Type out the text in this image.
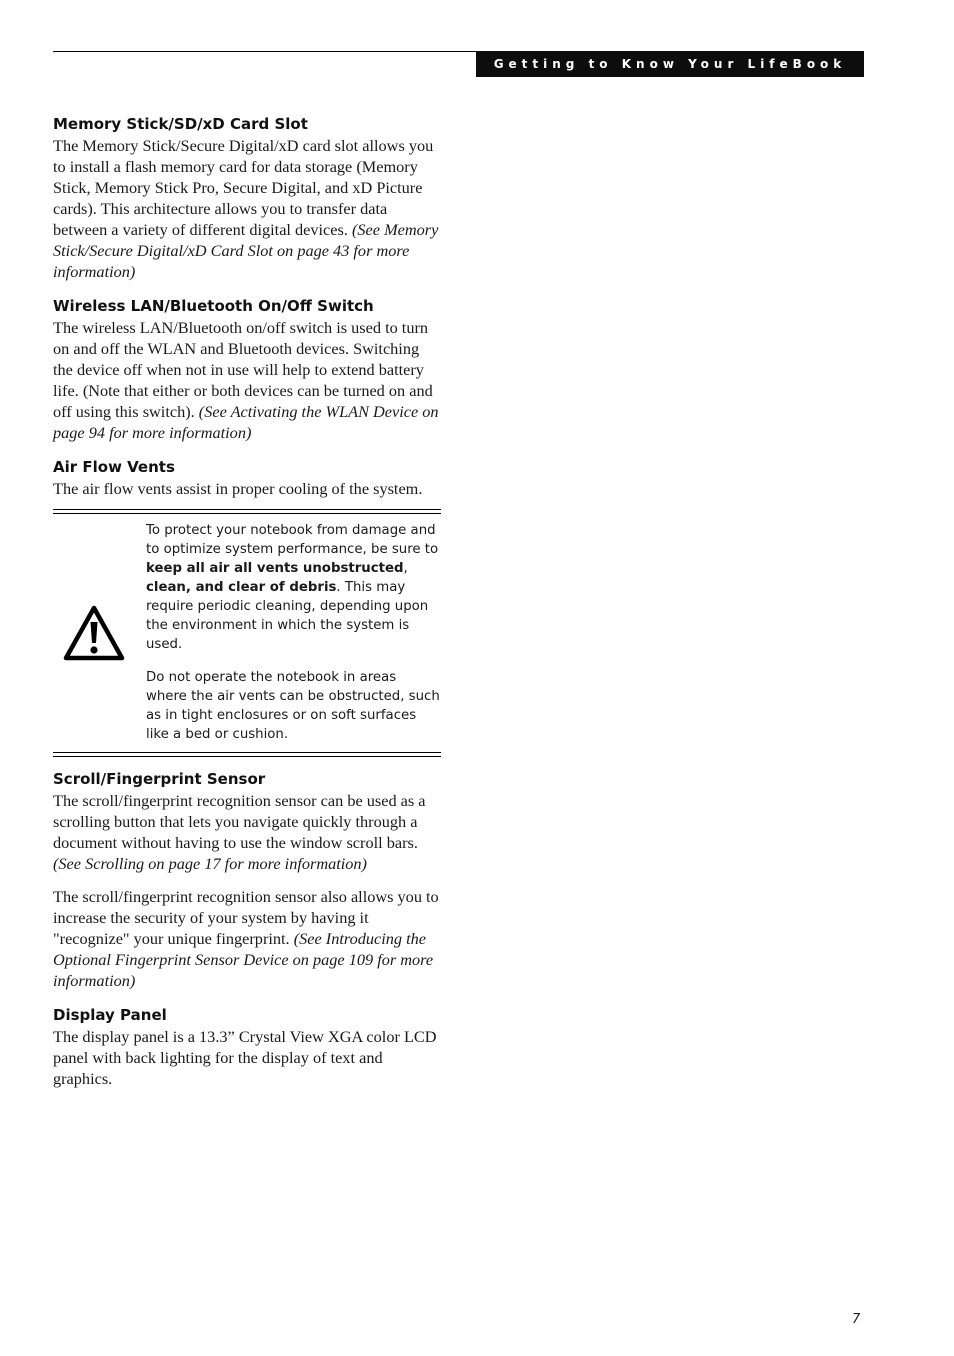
Getting to Know Your LifeBook
Memory Stick/SD/xD Card Slot

The Memory Stick/Secure Digital/xD card slot allows you to install a flash memory card for data storage (Memory Stick, Memory Stick Pro, Secure Digital, and xD Picture cards). This architecture allows you to transfer data between a variety of different digital devices. (See Memory Stick/Secure Digital/xD Card Slot on page 43 for more information)

Wireless LAN/Bluetooth On/Off Switch

The wireless LAN/Bluetooth on/off switch is used to turn on and off the WLAN and Bluetooth devices. Switching the device off when not in use will help to extend battery life. (Note that either or both devices can be turned on and off using this switch). (See Activating the WLAN Device on page 94 for more information)

Air Flow Vents

The air flow vents assist in proper cooling of the system.

To protect your notebook from damage and to optimize system performance, be sure to keep all air all vents unobstructed, clean, and clear of debris. This may require periodic cleaning, depending upon the environment in which the system is used.

Do not operate the notebook in areas where the air vents can be obstructed, such as in tight enclosures or on soft surfaces like a bed or cushion.

Scroll/Fingerprint Sensor

The scroll/fingerprint recognition sensor can be used as a scrolling button that lets you navigate quickly through a document without having to use the window scroll bars. (See Scrolling on page 17 for more information)

The scroll/fingerprint recognition sensor also allows you to increase the security of your system by having it "recognize" your unique fingerprint. (See Introducing the Optional Fingerprint Sensor Device on page 109 for more information)

Display Panel

The display panel is a 13.3” Crystal View XGA color LCD panel with back lighting for the display of text and graphics.

7
